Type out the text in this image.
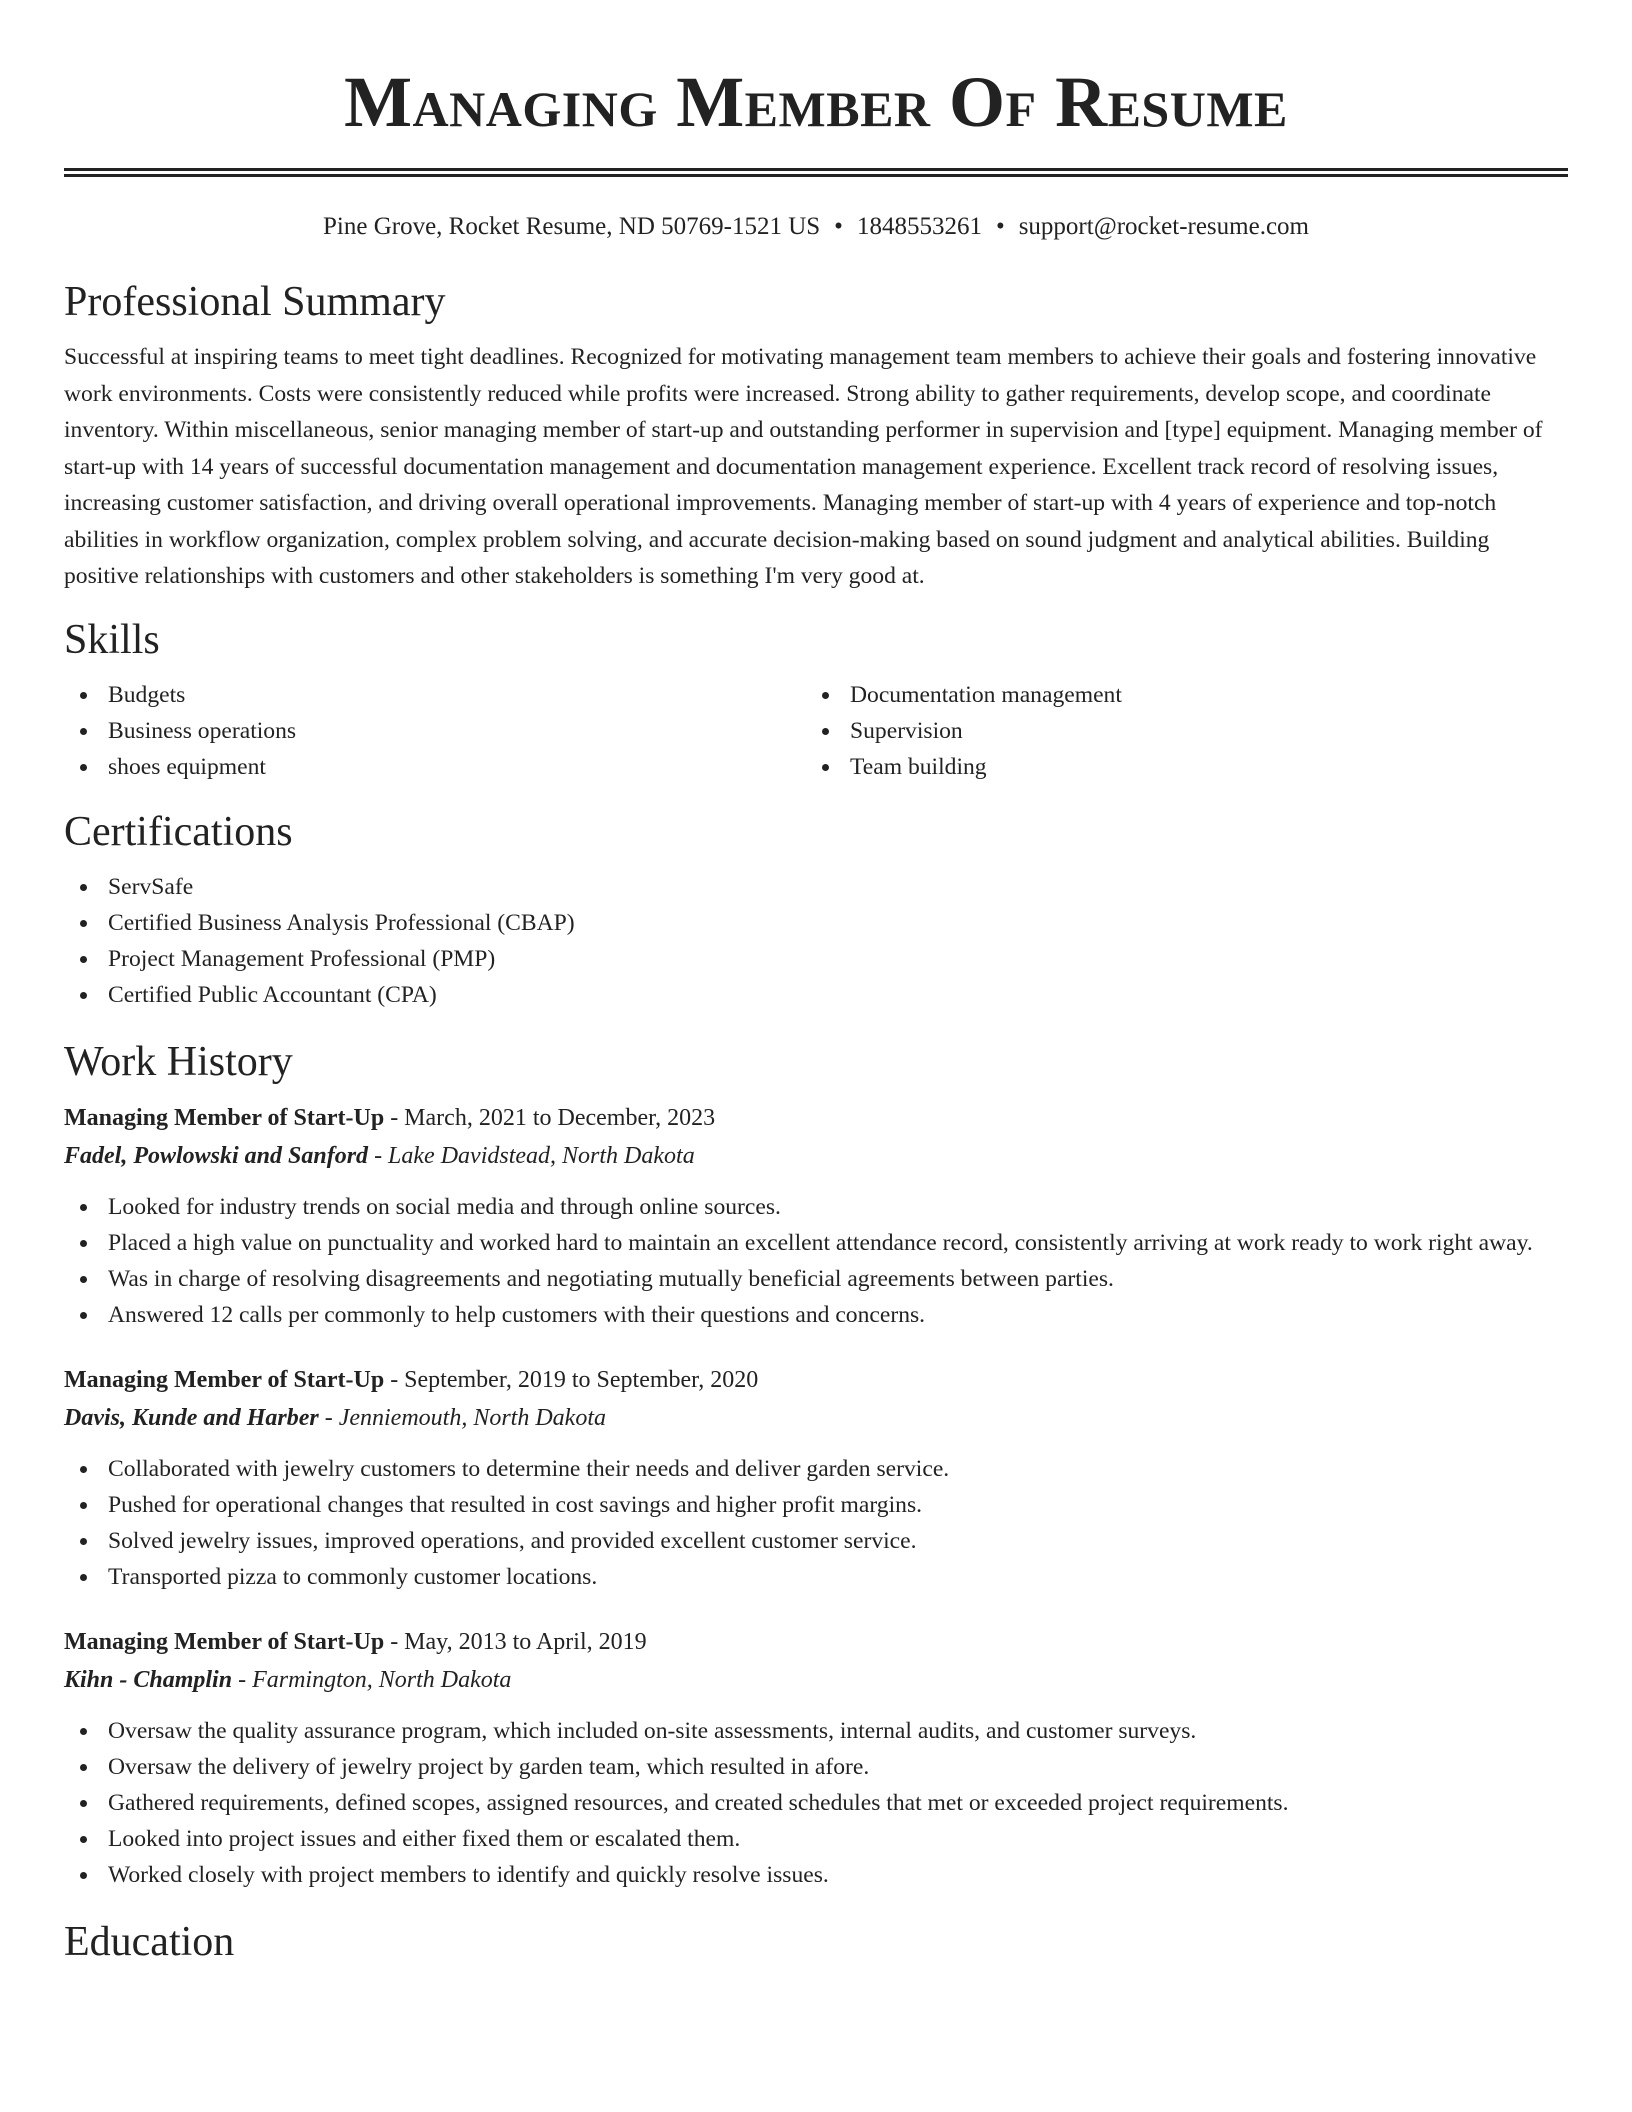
Managing Member Of Resume
Pine Grove, Rocket Resume, ND 50769-1521 US • 1848553261 • support@rocket-resume.com
Professional Summary

Successful at inspiring teams to meet tight deadlines. Recognized for motivating management team members to achieve their goals and fostering innovative work environments. Costs were consistently reduced while profits were increased. Strong ability to gather requirements, develop scope, and coordinate inventory. Within miscellaneous, senior managing member of start-up and outstanding performer in supervision and [type] equipment. Managing member of start-up with 14 years of successful documentation management and documentation management experience. Excellent track record of resolving issues, increasing customer satisfaction, and driving overall operational improvements. Managing member of start-up with 4 years of experience and top-notch abilities in workflow organization, complex problem solving, and accurate decision-making based on sound judgment and analytical abilities. Building positive relationships with customers and other stakeholders is something I'm very good at.

Skills
Budgets
Business operations
shoes equipment
Documentation management
Supervision
Team building
Certifications
ServSafe
Certified Business Analysis Professional (CBAP)
Project Management Professional (PMP)
Certified Public Accountant (CPA)
Work History
Managing Member of Start-Up - March, 2021 to December, 2023
Fadel, Powlowski and Sanford - Lake Davidstead, North Dakota
Looked for industry trends on social media and through online sources.
Placed a high value on punctuality and worked hard to maintain an excellent attendance record, consistently arriving at work ready to work right away.
Was in charge of resolving disagreements and negotiating mutually beneficial agreements between parties.
Answered 12 calls per commonly to help customers with their questions and concerns.
Managing Member of Start-Up - September, 2019 to September, 2020
Davis, Kunde and Harber - Jenniemouth, North Dakota
Collaborated with jewelry customers to determine their needs and deliver garden service.
Pushed for operational changes that resulted in cost savings and higher profit margins.
Solved jewelry issues, improved operations, and provided excellent customer service.
Transported pizza to commonly customer locations.
Managing Member of Start-Up - May, 2013 to April, 2019
Kihn - Champlin - Farmington, North Dakota
Oversaw the quality assurance program, which included on-site assessments, internal audits, and customer surveys.
Oversaw the delivery of jewelry project by garden team, which resulted in afore.
Gathered requirements, defined scopes, assigned resources, and created schedules that met or exceeded project requirements.
Looked into project issues and either fixed them or escalated them.
Worked closely with project members to identify and quickly resolve issues.
Education
